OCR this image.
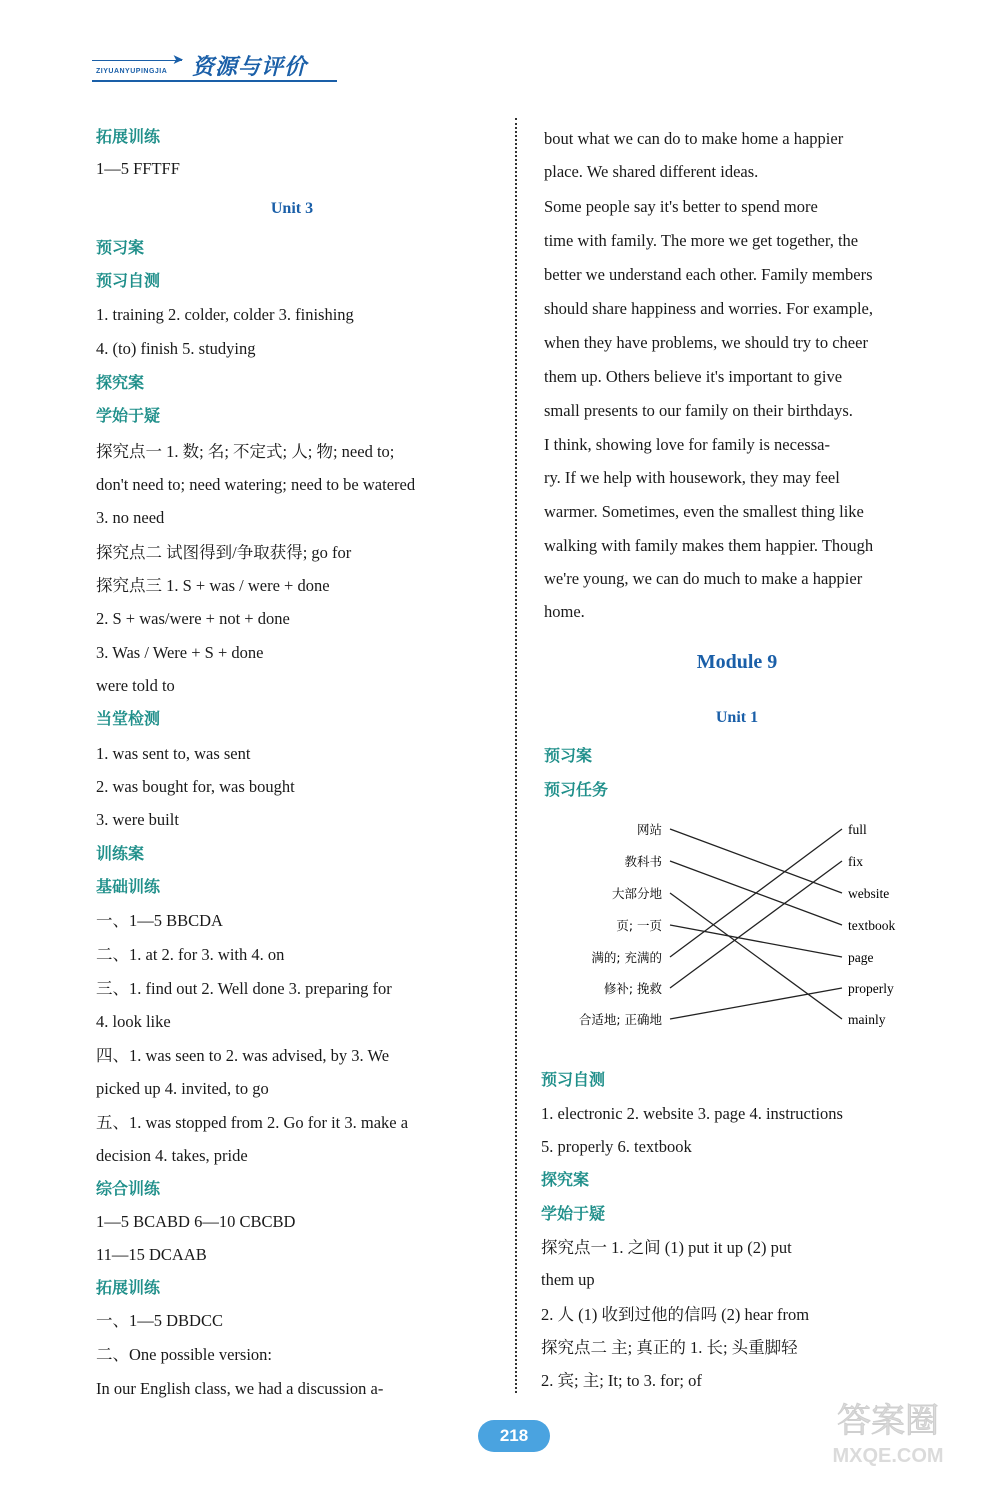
➤
ZIYUANYUPINGJIA 资源与评价
拓展训练
1—5 FFTFF
Unit 3
预习案
预习自测
1. training 2. colder, colder 3. finishing
4. (to) finish 5. studying
探究案
学始于疑
探究点一 1. 数; 名; 不定式; 人; 物; need to;
don't need to; need watering; need to be watered
3. no need
探究点二 试图得到/争取获得; go for
探究点三 1. S + was / were + done
2. S + was/were + not + done
3. Was / Were + S + done
were told to
当堂检测
1. was sent to, was sent
2. was bought for, was bought
3. were built
训练案
基础训练
一、1—5 BBCDA
二、1. at 2. for 3. with 4. on
三、1. find out 2. Well done 3. preparing for
4. look like
四、1. was seen to 2. was advised, by 3. We
picked up 4. invited, to go
五、1. was stopped from 2. Go for it 3. make a
decision 4. takes, pride
综合训练
1—5 BCABD 6—10 CBCBD
11—15 DCAAB
拓展训练
一、1—5 DBDCC
二、One possible version:
In our English class, we had a discussion a-
bout what we can do to make home a happier
place. We shared different ideas.
Some people say it's better to spend more
time with family. The more we get together, the
better we understand each other. Family members
should share happiness and worries. For example,
when they have problems, we should try to cheer
them up. Others believe it's important to give
small presents to our family on their birthdays.
I think, showing love for family is necessa-
ry. If we help with housework, they may feel
warmer. Sometimes, even the smallest thing like
walking with family makes them happier. Though
we're young, we can do much to make a happier
home.
Module 9
Unit 1
预习案
预习任务
网站
教科书
大部分地
页; 一页
满的; 充满的
修补; 挽救
合适地; 正确地
full
fix
website
textbook
page
properly
mainly
预习自测
1. electronic 2. website 3. page 4. instructions
5. properly 6. textbook
探究案
学始于疑
探究点一 1. 之间 (1) put it up (2) put
them up
2. 人 (1) 收到过他的信吗 (2) hear from
探究点二 主; 真正的 1. 长; 头重脚轻
2. 宾; 主; It; to 3. for; of
218	答案圈
MXQE.COM
